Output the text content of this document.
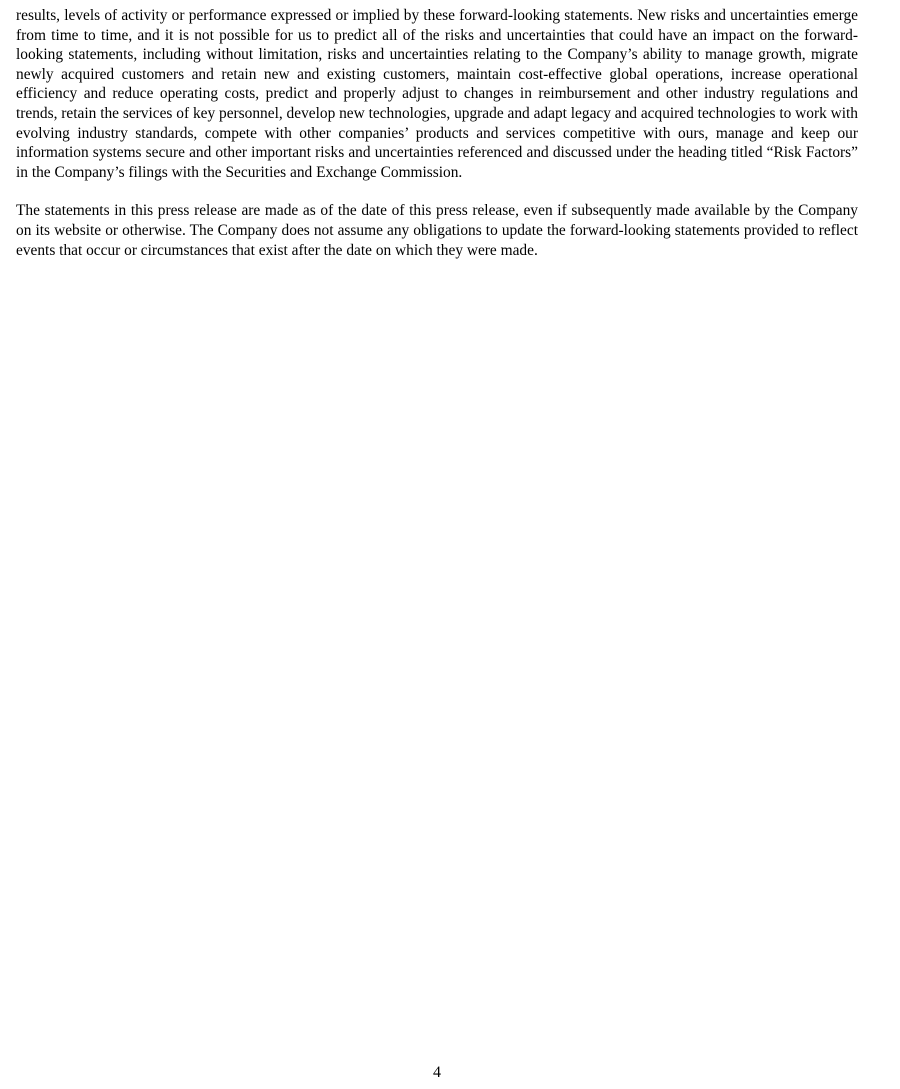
results, levels of activity or performance expressed or implied by these forward-looking statements. New risks and uncertainties emerge from time to time, and it is not possible for us to predict all of the risks and uncertainties that could have an impact on the forward-looking statements, including without limitation, risks and uncertainties relating to the Company’s ability to manage growth, migrate newly acquired customers and retain new and existing customers, maintain cost-effective global operations, increase operational efficiency and reduce operating costs, predict and properly adjust to changes in reimbursement and other industry regulations and trends, retain the services of key personnel, develop new technologies, upgrade and adapt legacy and acquired technologies to work with evolving industry standards, compete with other companies’ products and services competitive with ours, manage and keep our information systems secure and other important risks and uncertainties referenced and discussed under the heading titled “Risk Factors” in the Company’s filings with the Securities and Exchange Commission.

The statements in this press release are made as of the date of this press release, even if subsequently made available by the Company on its website or otherwise. The Company does not assume any obligations to update the forward-looking statements provided to reflect events that occur or circumstances that exist after the date on which they were made.

4
